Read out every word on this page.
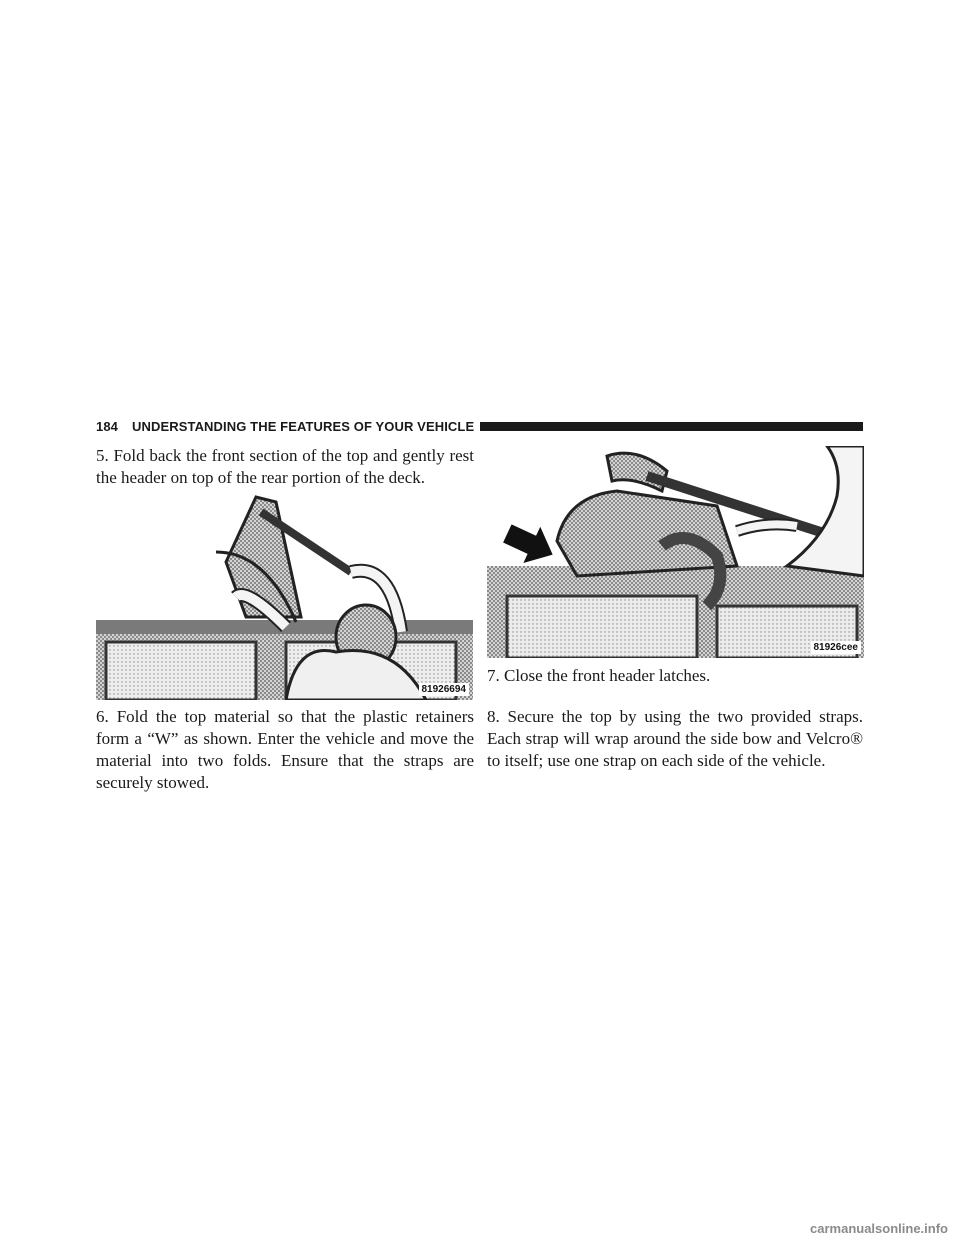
184	UNDERSTANDING THE FEATURES OF YOUR VEHICLE

5. Fold back the front section of the top and gently rest the header on top of the rear portion of the deck.

81926694

6. Fold the top material so that the plastic retainers form a “W” as shown. Enter the vehicle and move the material into two folds. Ensure that the straps are securely stowed.

81926cee

7. Close the front header latches.

8. Secure the top by using the two provided straps. Each strap will wrap around the side bow and Velcro® to itself; use one strap on each side of the vehicle.

carmanualsonline.info
